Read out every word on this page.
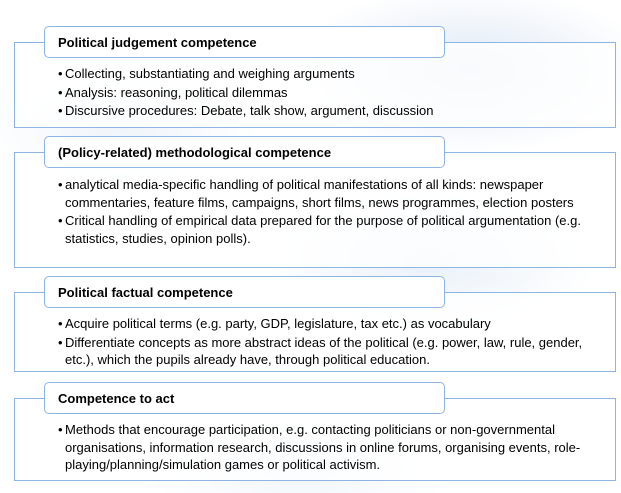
Political judgement competence
• Collecting, substantiating and weighing arguments
• Analysis: reasoning, political dilemmas
• Discursive procedures: Debate, talk show, argument, discussion
(Policy-related) methodological competence
• analytical media-specific handling of political manifestations of all kinds: newspaper commentaries, feature films, campaigns, short films, news programmes, election posters
• Critical handling of empirical data prepared for the purpose of political argumentation (e.g. statistics, studies, opinion polls).
Political factual competence
• Acquire political terms (e.g. party, GDP, legislature, tax etc.) as vocabulary
• Differentiate concepts as more abstract ideas of the political (e.g. power, law, rule, gender, etc.), which the pupils already have, through political education.
Competence to act
• Methods that encourage participation, e.g. contacting politicians or non-governmental organisations, information research, discussions in online forums, organising events, role-playing/planning/simulation games or political activism.
